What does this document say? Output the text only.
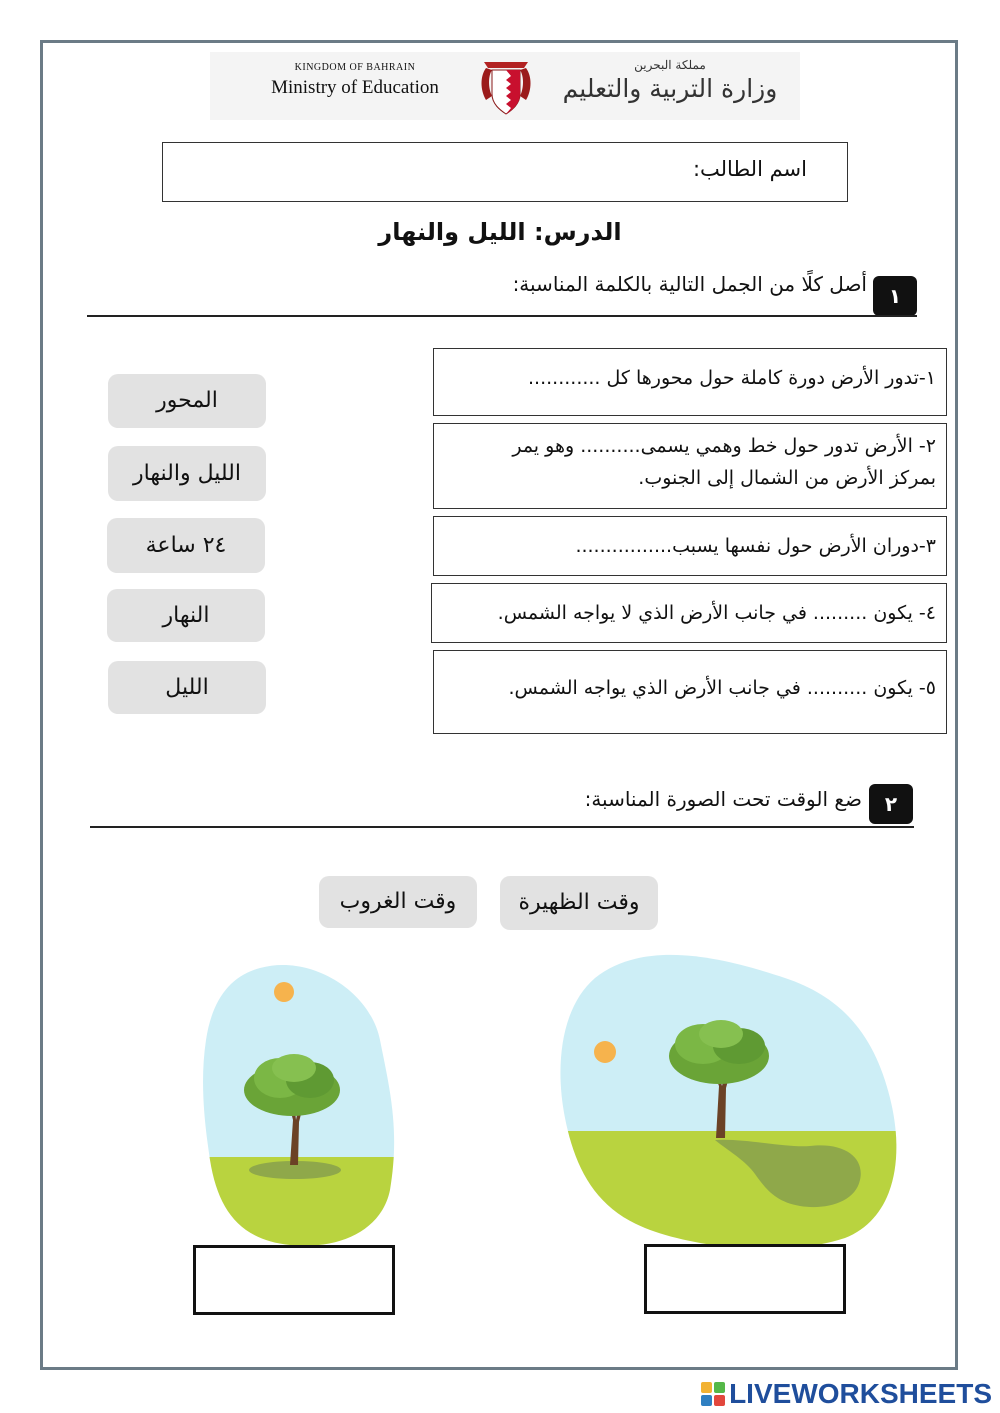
KINGDOM OF BAHRAIN
Ministry of Education
مملكة البحرين
وزارة التربية والتعليم
اسم الطالب:
الدرس: الليل والنهار
١
أصل كلًا من الجمل التالية بالكلمة المناسبة:
١-تدور الأرض دورة كاملة حول محورها كل ............
٢- الأرض تدور حول خط وهمي يسمى.......... وهو يمر بمركز الأرض من الشمال إلى الجنوب.
٣-دوران الأرض حول نفسها يسبب................
٤- يكون ......... في جانب الأرض الذي لا يواجه الشمس.
٥- يكون .......... في جانب الأرض الذي يواجه الشمس.
المحور
الليل والنهار
٢٤ ساعة
النهار
الليل
٢
ضع الوقت تحت الصورة المناسبة:
وقت الظهيرة
وقت الغروب
LIVEWORKSHEETS
